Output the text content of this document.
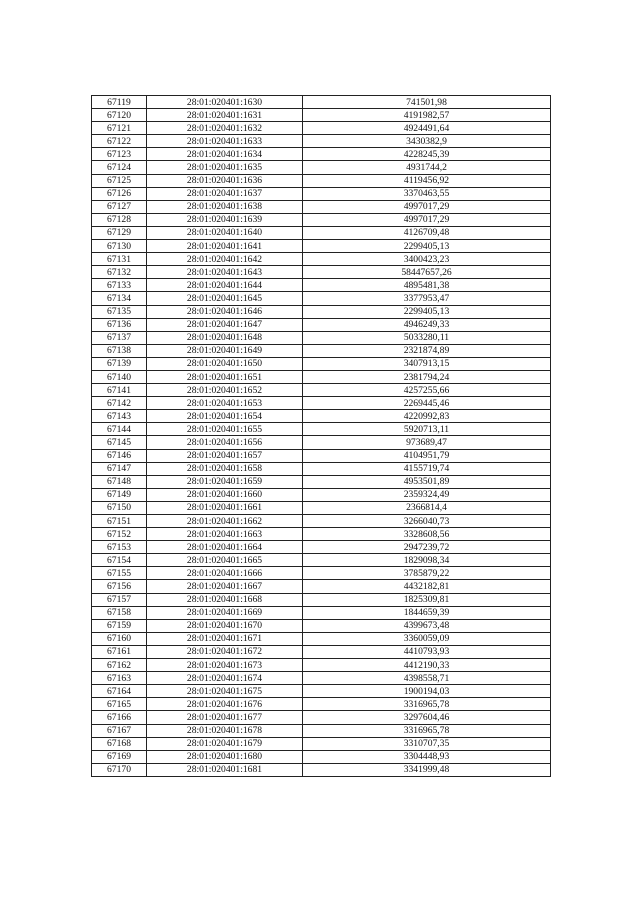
67119	28:01:020401:1630	741501,98
67120	28:01:020401:1631	4191982,57
67121	28:01:020401:1632	4924491,64
67122	28:01:020401:1633	3430382,9
67123	28:01:020401:1634	4228245,39
67124	28:01:020401:1635	4931744,2
67125	28:01:020401:1636	4119456,92
67126	28:01:020401:1637	3370463,55
67127	28:01:020401:1638	4997017,29
67128	28:01:020401:1639	4997017,29
67129	28:01:020401:1640	4126709,48
67130	28:01:020401:1641	2299405,13
67131	28:01:020401:1642	3400423,23
67132	28:01:020401:1643	58447657,26
67133	28:01:020401:1644	4895481,38
67134	28:01:020401:1645	3377953,47
67135	28:01:020401:1646	2299405,13
67136	28:01:020401:1647	4946249,33
67137	28:01:020401:1648	5033280,11
67138	28:01:020401:1649	2321874,89
67139	28:01:020401:1650	3407913,15
67140	28:01:020401:1651	2381794,24
67141	28:01:020401:1652	4257255,66
67142	28:01:020401:1653	2269445,46
67143	28:01:020401:1654	4220992,83
67144	28:01:020401:1655	5920713,11
67145	28:01:020401:1656	973689,47
67146	28:01:020401:1657	4104951,79
67147	28:01:020401:1658	4155719,74
67148	28:01:020401:1659	4953501,89
67149	28:01:020401:1660	2359324,49
67150	28:01:020401:1661	2366814,4
67151	28:01:020401:1662	3266040,73
67152	28:01:020401:1663	3328608,56
67153	28:01:020401:1664	2947239,72
67154	28:01:020401:1665	1829098,34
67155	28:01:020401:1666	3785879,22
67156	28:01:020401:1667	4432182,81
67157	28:01:020401:1668	1825309,81
67158	28:01:020401:1669	1844659,39
67159	28:01:020401:1670	4399673,48
67160	28:01:020401:1671	3360059,09
67161	28:01:020401:1672	4410793,93
67162	28:01:020401:1673	4412190,33
67163	28:01:020401:1674	4398558,71
67164	28:01:020401:1675	1900194,03
67165	28:01:020401:1676	3316965,78
67166	28:01:020401:1677	3297604,46
67167	28:01:020401:1678	3316965,78
67168	28:01:020401:1679	3310707,35
67169	28:01:020401:1680	3304448,93
67170	28:01:020401:1681	3341999,48
